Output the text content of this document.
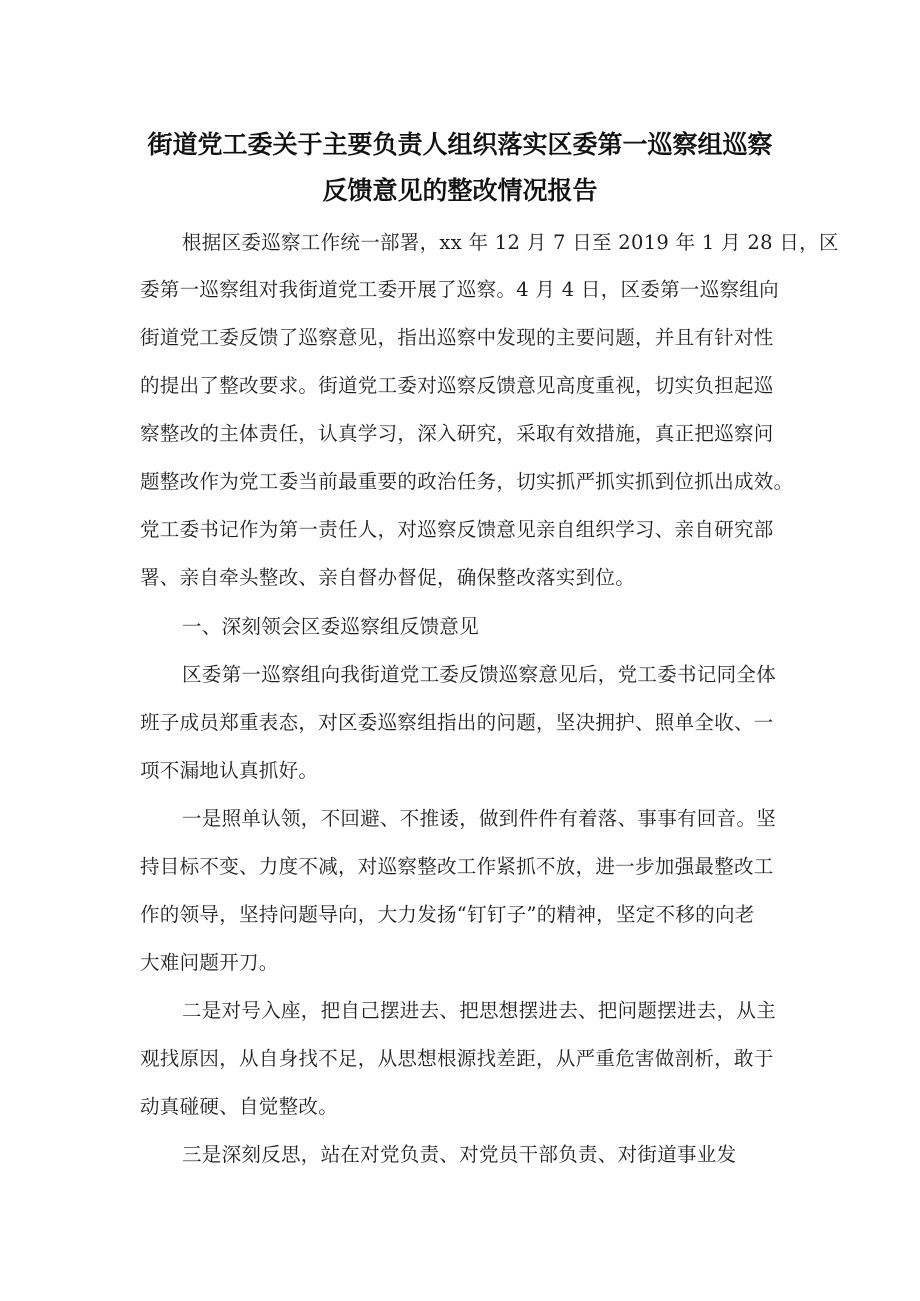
街道党工委关于主要负责人组织落实区委第一巡察组巡察
反馈意见的整改情况报告
根据区委巡察工作统一部署，xx 年 12 月 7 日至 2019 年 1 月 28 日，区
委第一巡察组对我街道党工委开展了巡察。4 月 4 日，区委第一巡察组向
街道党工委反馈了巡察意见，指出巡察中发现的主要问题，并且有针对性
的提出了整改要求。街道党工委对巡察反馈意见高度重视，切实负担起巡
察整改的主体责任，认真学习，深入研究，采取有效措施，真正把巡察问
题整改作为党工委当前最重要的政治任务，切实抓严抓实抓到位抓出成效。
党工委书记作为第一责任人，对巡察反馈意见亲自组织学习、亲自研究部
署、亲自牵头整改、亲自督办督促，确保整改落实到位。
一、深刻领会区委巡察组反馈意见
区委第一巡察组向我街道党工委反馈巡察意见后，党工委书记同全体
班子成员郑重表态，对区委巡察组指出的问题，坚决拥护、照单全收、一
项不漏地认真抓好。
一是照单认领，不回避、不推诿，做到件件有着落、事事有回音。坚
持目标不变、力度不减，对巡察整改工作紧抓不放，进一步加强最整改工
作的领导，坚持问题导向，大力发扬“钉钉子”的精神，坚定不移的向老
大难问题开刀。
二是对号入座，把自己摆进去、把思想摆进去、把问题摆进去，从主
观找原因，从自身找不足，从思想根源找差距，从严重危害做剖析，敢于
动真碰硬、自觉整改。
三是深刻反思，站在对党负责、对党员干部负责、对街道事业发
